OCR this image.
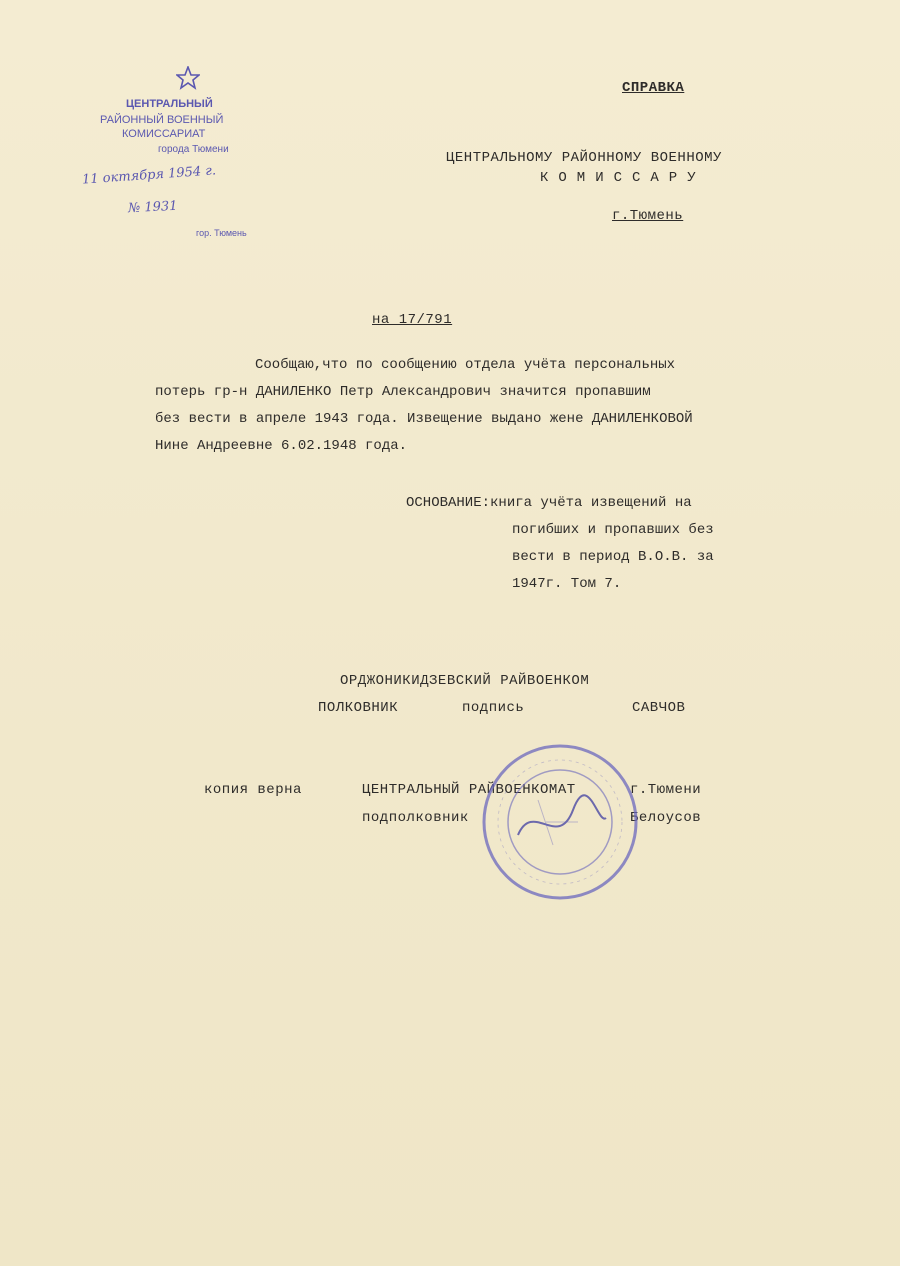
ЦЕНТРАЛЬНЫЙ
РАЙОННЫЙ ВОЕННЫЙ
КОМИССАРИАТ
города Тюмени
11 октября 1954 г.
№ 1931
гор. Тюмень
СПРАВКА
ЦЕНТРАЛЬНОМУ РАЙОННОМУ ВОЕННОМУ
КОМИССАРУ
г.Тюмень
на 17/791
Сообщаю,что по сообщению отдела учёта персональных
потерь гр-н ДАНИЛЕНКО Петр Александрович значится пропавшим
без вести в апреле 1943 года. Извещение выдано жене ДАНИЛЕНКОВОЙ
Нине Андреевне 6.02.1948 года.
ОСНОВАНИЕ:книга учёта извещений на
погибших и пропавших без
вести в период В.О.В. за
1947г. Том 7.
ОРДЖОНИКИДЗЕВСКИЙ РАЙВОЕНКОМ
ПОЛКОВНИК	подпись	САВЧОВ
копия верна	ЦЕНТРАЛЬНЫЙ РАЙВОЕНКОМАТ	г.Тюмени
подполковник	Белоусов
